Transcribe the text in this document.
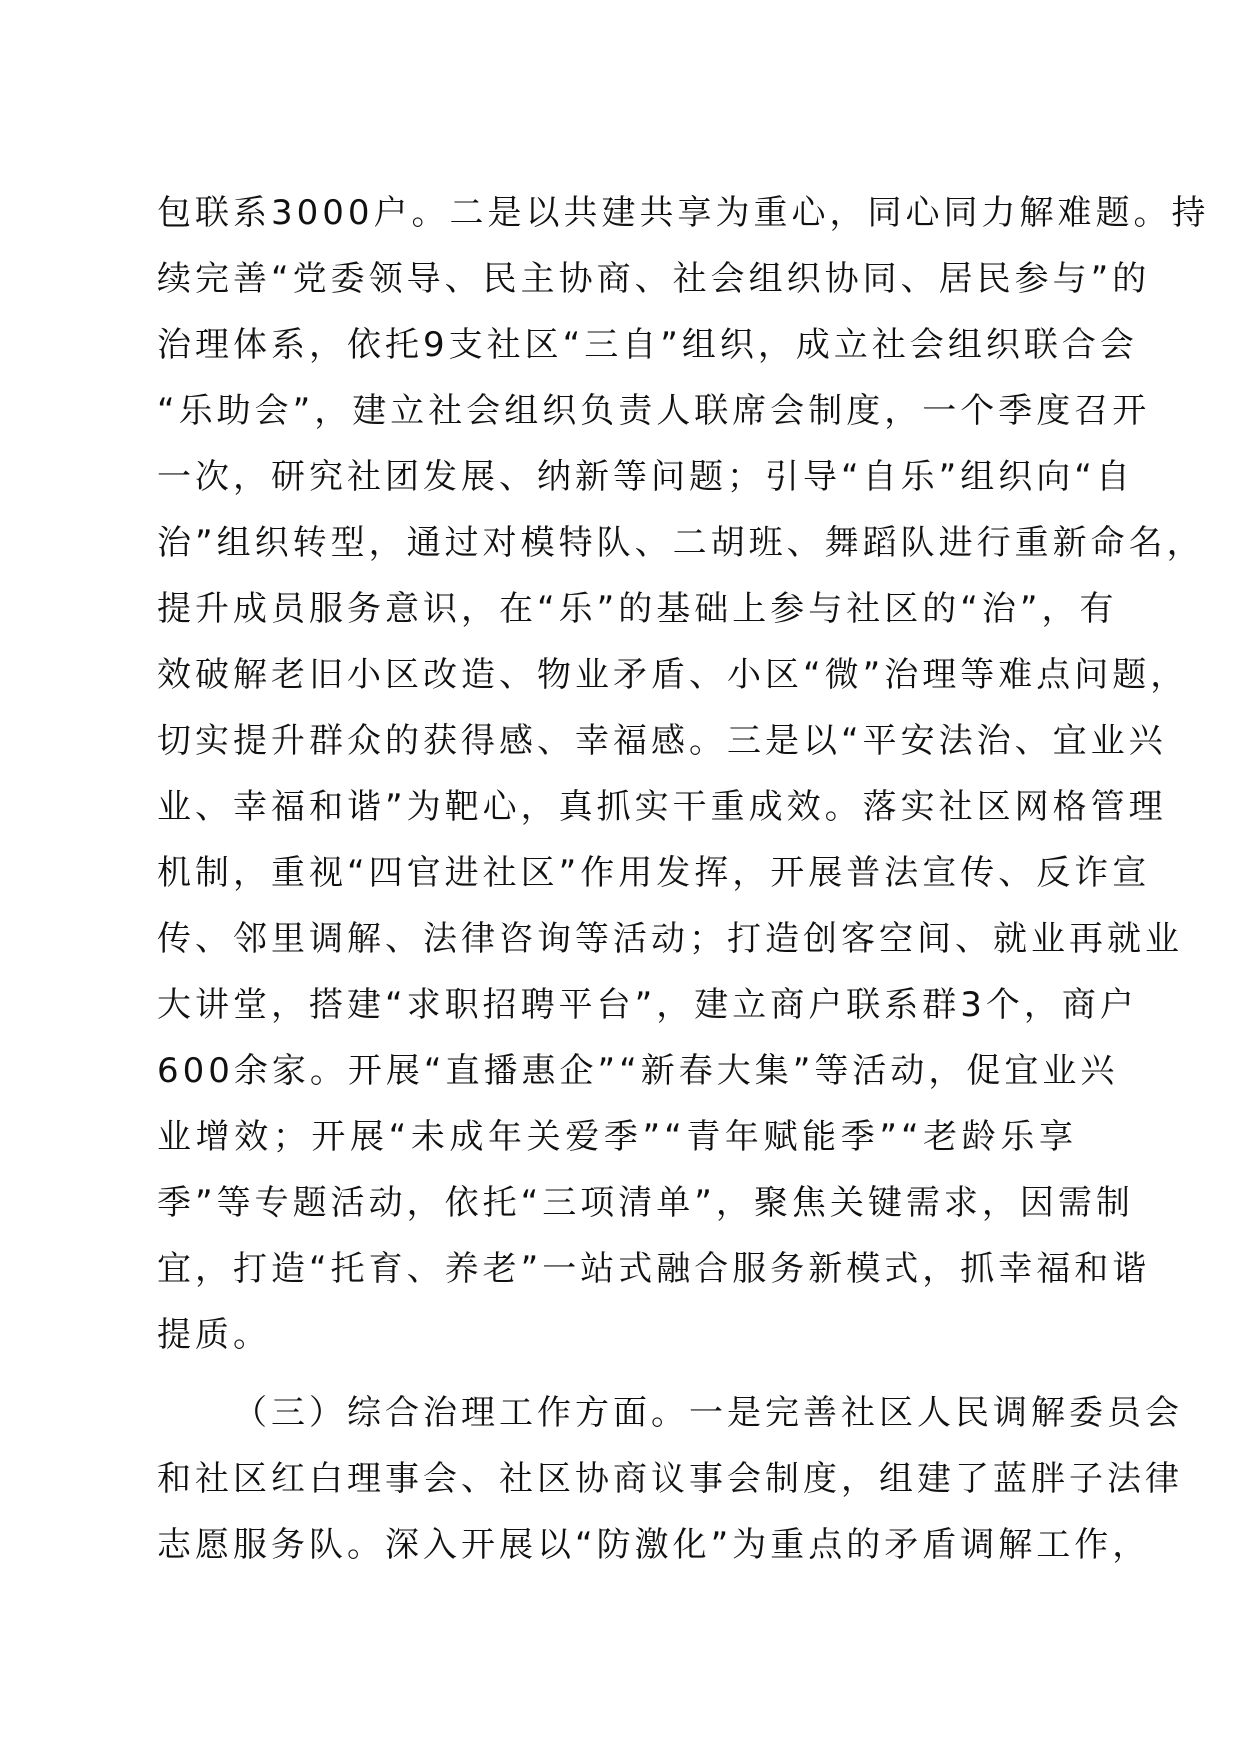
包联系3000户。二是以共建共享为重心，同心同力解难题。持
续完善“党委领导、民主协商、社会组织协同、居民参与”的
治理体系，依托9支社区“三自”组织，成立社会组织联合会
“乐助会”，建立社会组织负责人联席会制度，一个季度召开
一次，研究社团发展、纳新等问题；引导“自乐”组织向“自
治”组织转型，通过对模特队、二胡班、舞蹈队进行重新命名，
提升成员服务意识，在“乐”的基础上参与社区的“治”，有
效破解老旧小区改造、物业矛盾、小区“微”治理等难点问题，
切实提升群众的获得感、幸福感。三是以“平安法治、宜业兴
业、幸福和谐”为靶心，真抓实干重成效。落实社区网格管理
机制，重视“四官进社区”作用发挥，开展普法宣传、反诈宣
传、邻里调解、法律咨询等活动；打造创客空间、就业再就业
大讲堂，搭建“求职招聘平台”，建立商户联系群3个，商户
600余家。开展“直播惠企”“新春大集”等活动，促宜业兴
业增效；开展“未成年关爱季”“青年赋能季”“老龄乐享
季”等专题活动，依托“三项清单”，聚焦关键需求，因需制
宜，打造“托育、养老”一站式融合服务新模式，抓幸福和谐
提质。
（三）综合治理工作方面。一是完善社区人民调解委员会
和社区红白理事会、社区协商议事会制度，组建了蓝胖子法律
志愿服务队。深入开展以“防激化”为重点的矛盾调解工作，
